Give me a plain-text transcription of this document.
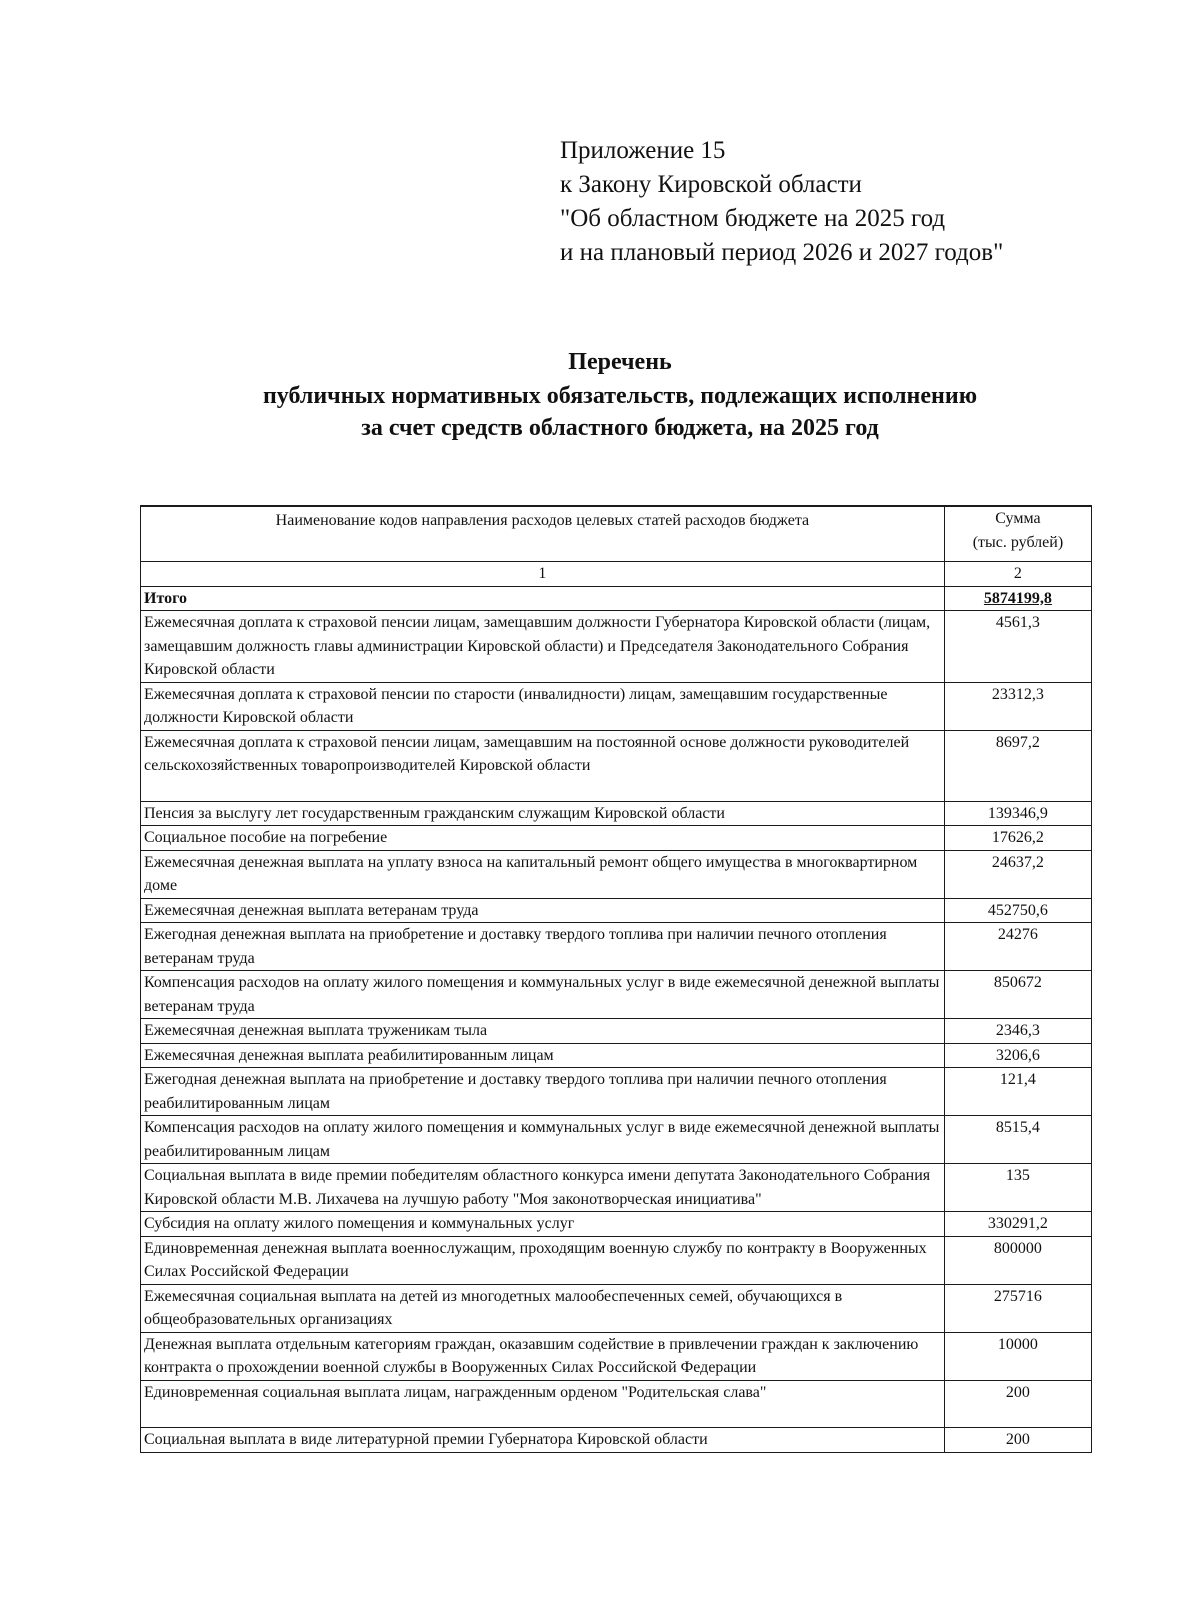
Приложение 15
к Закону Кировской области
"Об областном бюджете на 2025 год
и на плановый период 2026 и 2027 годов"
Перечень
публичных нормативных обязательств, подлежащих исполнению
за счет средств областного бюджета, на 2025 год
Наименование кодов направления расходов целевых статей расходов бюджета	Сумма
(тыс. рублей)

1	2
Итого	5874199,8
Ежемесячная доплата к страховой пенсии лицам, замещавшим должности Губернатора Кировской области (лицам, замещавшим должность главы администрации Кировской области) и Председателя Законодательного Собрания Кировской области	4561,3
Ежемесячная доплата к страховой пенсии по старости (инвалидности) лицам, замещавшим государственные должности Кировской области	23312,3
Ежемесячная доплата к страховой пенсии лицам, замещавшим на постоянной основе должности руководителей сельскохозяйственных товаропроизводителей Кировской области	8697,2
Пенсия за выслугу лет государственным гражданским служащим Кировской области	139346,9
Социальное пособие на погребение	17626,2
Ежемесячная денежная выплата на уплату взноса на капитальный ремонт общего имущества в многоквартирном доме	24637,2
Ежемесячная денежная выплата ветеранам труда	452750,6
Ежегодная денежная выплата на приобретение и доставку твердого топлива при наличии печного отопления ветеранам труда	24276
Компенсация расходов на оплату жилого помещения и коммунальных услуг в виде ежемесячной денежной выплаты ветеранам труда	850672
Ежемесячная денежная выплата труженикам тыла	2346,3
Ежемесячная денежная выплата реабилитированным лицам	3206,6
Ежегодная денежная выплата на приобретение и доставку твердого топлива при наличии печного отопления реабилитированным лицам	121,4
Компенсация расходов на оплату жилого помещения и коммунальных услуг в виде ежемесячной денежной выплаты реабилитированным лицам	8515,4
Социальная выплата в виде премии победителям областного конкурса имени депутата Законодательного Собрания Кировской области М.В. Лихачева на лучшую работу "Моя законотворческая инициатива"	135
Субсидия на оплату жилого помещения и коммунальных услуг	330291,2
Единовременная денежная выплата военнослужащим, проходящим военную службу по контракту в Вооруженных Силах Российской Федерации	800000
Ежемесячная социальная выплата на детей из многодетных малообеспеченных семей, обучающихся в общеобразовательных организациях	275716
Денежная выплата отдельным категориям граждан, оказавшим содействие в привлечении граждан к заключению контракта о прохождении военной службы в Вооруженных Силах Российской Федерации	10000
Единовременная социальная выплата лицам, награжденным орденом "Родительская слава"	200
Социальная выплата в виде литературной премии Губернатора Кировской области	200
